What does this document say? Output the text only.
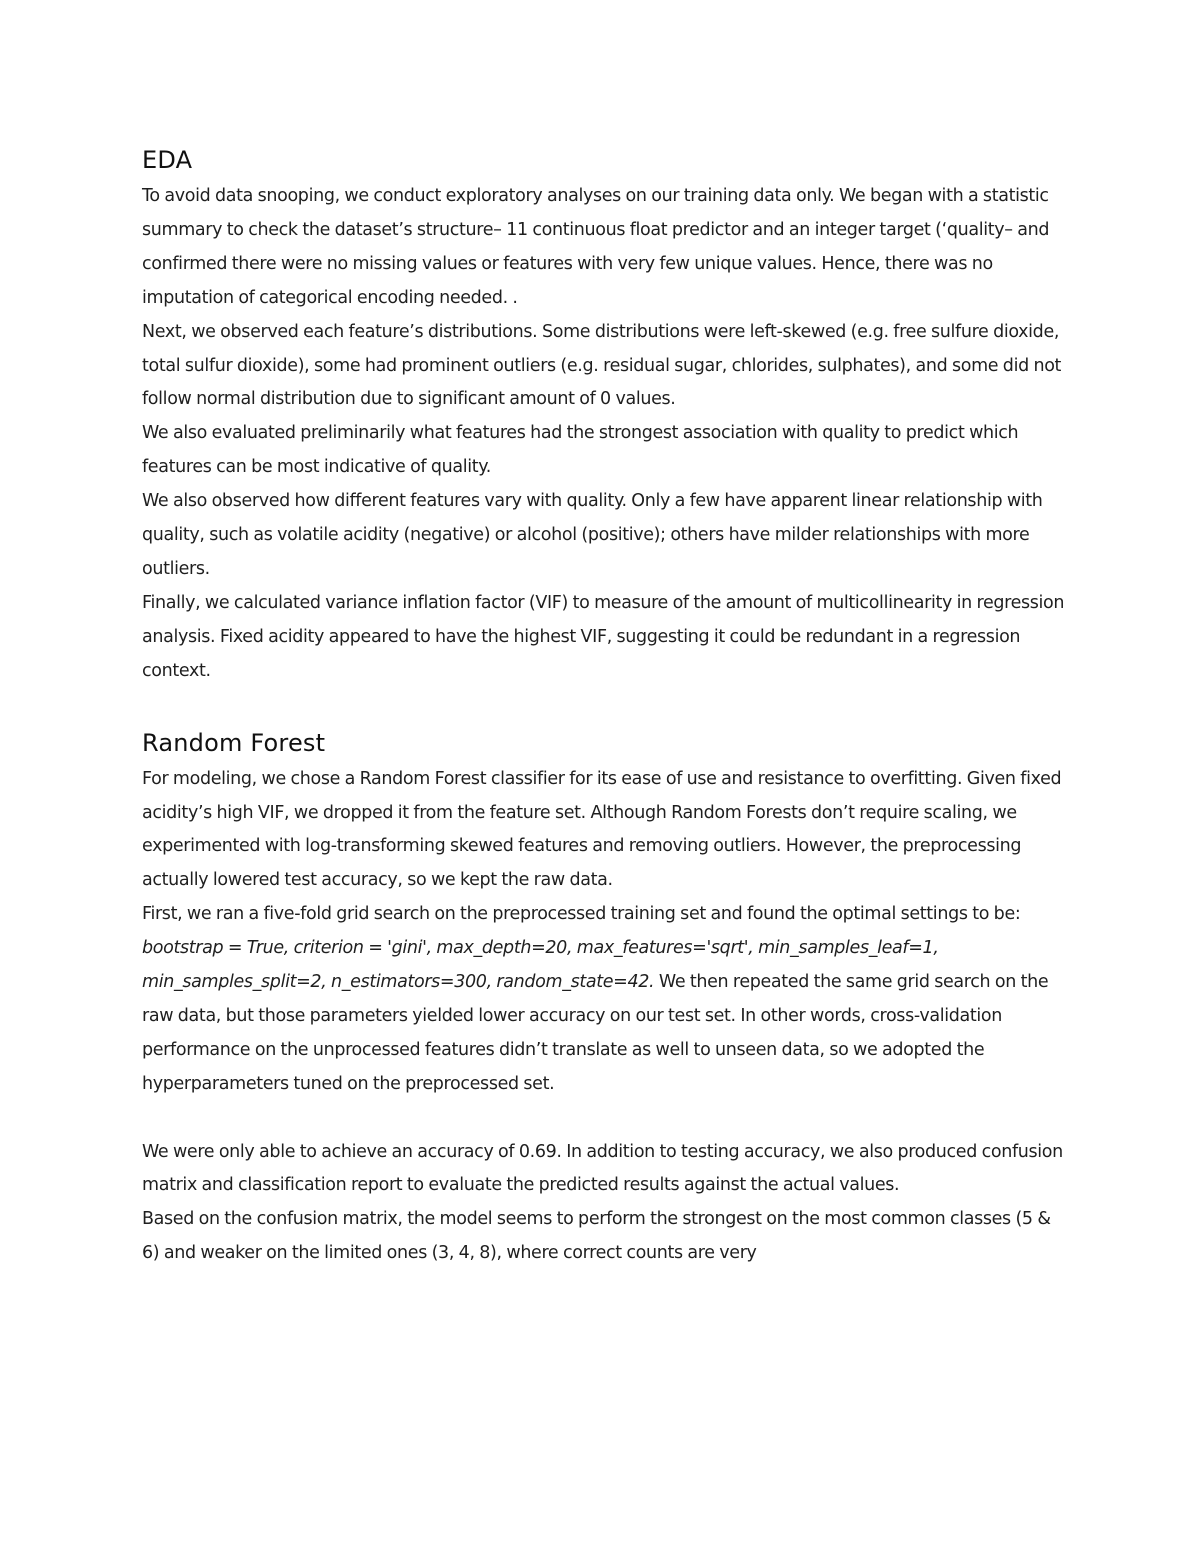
EDA

To avoid data snooping, we conduct exploratory analyses on our training data only. We began with a statistic summary to check the dataset’s structure– 11 continuous float predictor and an integer target (‘quality– and confirmed there were no missing values or features with very few unique values. Hence, there was no imputation of categorical encoding needed. .

Next, we observed each feature’s distributions. Some distributions were left-skewed (e.g. free sulfure dioxide, total sulfur dioxide), some had prominent outliers (e.g. residual sugar, chlorides, sulphates), and some did not follow normal distribution due to significant amount of 0 values.

We also evaluated preliminarily what features had the strongest association with quality to predict which features can be most indicative of quality.

We also observed how different features vary with quality. Only a few have apparent linear relationship with quality, such as volatile acidity (negative) or alcohol (positive); others have milder relationships with more outliers.

Finally, we calculated variance inflation factor (VIF) to measure of the amount of multicollinearity in regression analysis. Fixed acidity appeared to have the highest VIF, suggesting it could be redundant in a regression context.

Random Forest

For modeling, we chose a Random Forest classifier for its ease of use and resistance to overfitting. Given fixed acidity’s high VIF, we dropped it from the feature set. Although Random Forests don’t require scaling, we experimented with log-transforming skewed features and removing outliers. However, the preprocessing actually lowered test accuracy, so we kept the raw data.

First, we ran a five-fold grid search on the preprocessed training set and found the optimal settings to be: bootstrap = True, criterion = 'gini', max_depth=20, max_features='sqrt', min_samples_leaf=1, min_samples_split=2, n_estimators=300, random_state=42. We then repeated the same grid search on the raw data, but those parameters yielded lower accuracy on our test set. In other words, cross-validation performance on the unprocessed features didn’t translate as well to unseen data, so we adopted the hyperparameters tuned on the preprocessed set.

We were only able to achieve an accuracy of 0.69. In addition to testing accuracy, we also produced confusion matrix and classification report to evaluate the predicted results against the actual values.

Based on the confusion matrix, the model seems to perform the strongest on the most common classes (5 & 6) and weaker on the limited ones (3, 4, 8), where correct counts are very
